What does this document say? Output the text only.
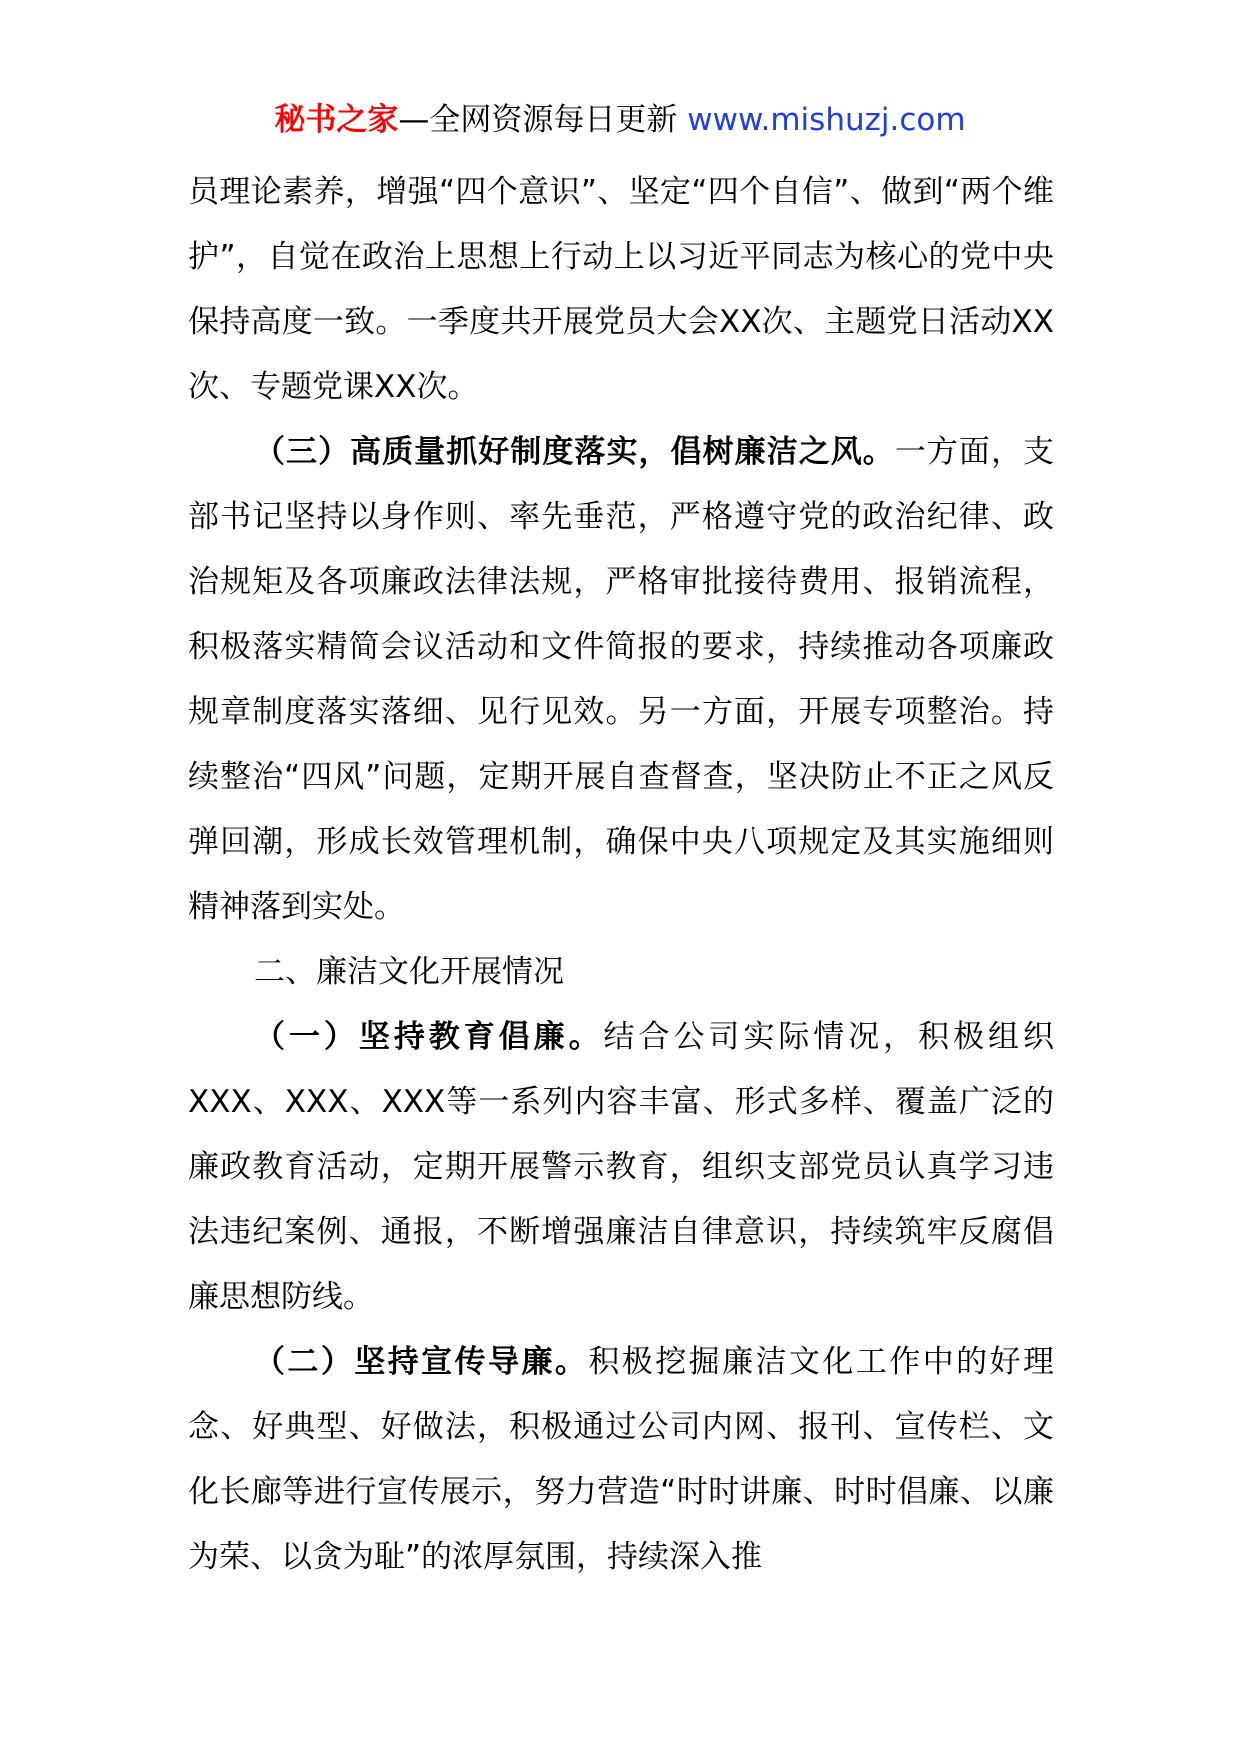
秘书之家—全网资源每日更新 www.mishuzj.com

员理论素养，增强“四个意识”、坚定“四个自信”、做到“两个维护”，自觉在政治上思想上行动上以习近平同志为核心的党中央保持高度一致。一季度共开展党员大会XX次、主题党日活动XX次、专题党课XX次。

（三）高质量抓好制度落实，倡树廉洁之风。一方面，支部书记坚持以身作则、率先垂范，严格遵守党的政治纪律、政治规矩及各项廉政法律法规，严格审批接待费用、报销流程，积极落实精简会议活动和文件简报的要求，持续推动各项廉政规章制度落实落细、见行见效。另一方面，开展专项整治。持续整治“四风”问题，定期开展自查督查，坚决防止不正之风反弹回潮，形成长效管理机制，确保中央八项规定及其实施细则精神落到实处。

二、廉洁文化开展情况

（一）坚持教育倡廉。结合公司实际情况，积极组织XXX、XXX、XXX等一系列内容丰富、形式多样、覆盖广泛的廉政教育活动，定期开展警示教育，组织支部党员认真学习违法违纪案例、通报，不断增强廉洁自律意识，持续筑牢反腐倡廉思想防线。

（二）坚持宣传导廉。积极挖掘廉洁文化工作中的好理念、好典型、好做法，积极通过公司内网、报刊、宣传栏、文化长廊等进行宣传展示，努力营造“时时讲廉、时时倡廉、以廉为荣、以贪为耻”的浓厚氛围，持续深入推
